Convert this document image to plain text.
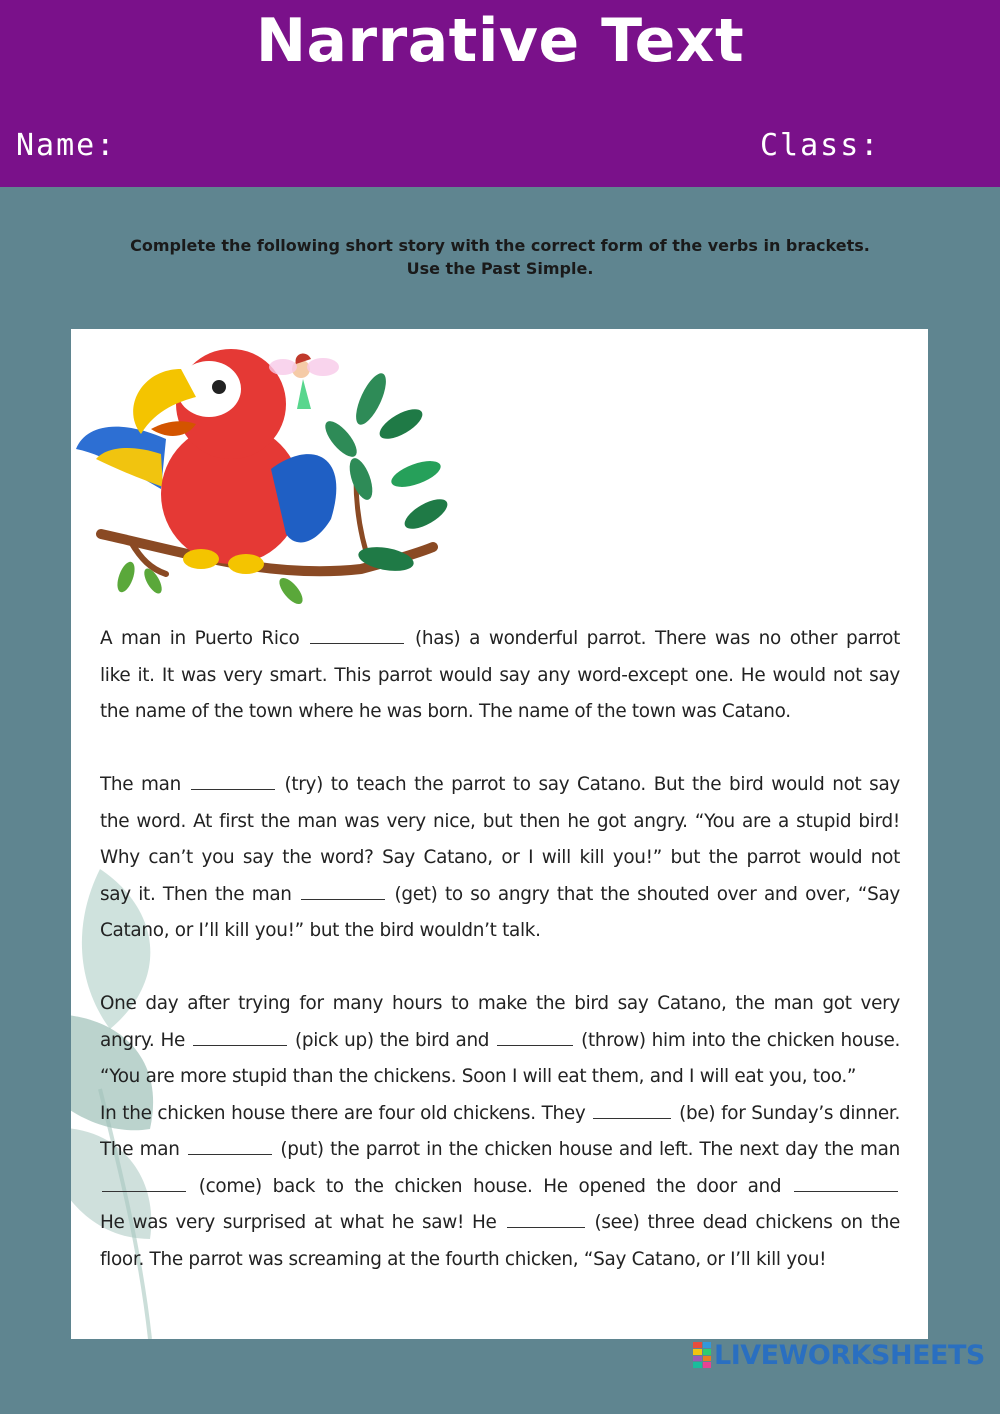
Narrative Text
Name:	Class:
Complete the following short story with the correct form of the verbs in brackets.
Use the Past Simple.
A man in Puerto Rico	(has) a wonderful parrot. There was no other parrot
like it. It was very smart. This parrot would say any word-except one. He would not say
the name of the town where he was born. The name of the town was Catano.
The man	(try) to teach the parrot to say Catano. But the bird would not say
the word. At first the man was very nice, but then he got angry. “You are a stupid bird!
Why can’t you say the word? Say Catano, or I will kill you!” but the parrot would not
say it. Then the man	(get) to so angry that the shouted over and over, “Say
Catano, or I’ll kill you!” but the bird wouldn’t talk.
One day after trying for many hours to make the bird say Catano, the man got very
angry. He	(pick up) the bird and	(throw) him into the chicken house.
“You are more stupid than the chickens. Soon I will eat them, and I will eat you, too.”
In the chicken house there are four old chickens. They	(be) for Sunday’s dinner.
The man	(put) the parrot in the chicken house and left. The next day the man
(come) back to the chicken house. He opened the door and
He was very surprised at what he saw! He	(see) three dead chickens on the
floor. The parrot was screaming at the fourth chicken, “Say Catano, or I’ll kill you!
LIVEWORKSHEETS
